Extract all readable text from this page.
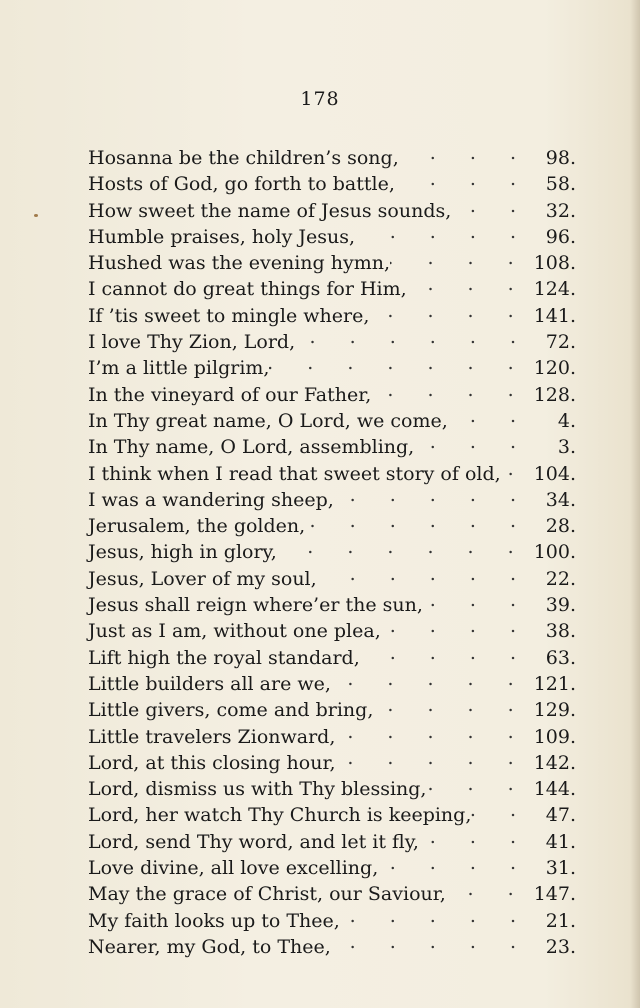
178
Hosanna be the children’s song, . . .	98.
Hosts of God, go forth to battle, . . .	58.
How sweet the name of Jesus sounds, . . .	32.
Humble praises, holy Jesus, . . .	96.
Hushed was the evening hymn, . . .	108.
I cannot do great things for Him, . . .	124.
If ’tis sweet to mingle where, . . .	141.
I love Thy Zion, Lord, . . .	72.
I’m a little pilgrim, . . .	120.
In the vineyard of our Father, . . .	128.
In Thy great name, O Lord, we come, . . .	4.
In Thy name, O Lord, assembling, . . .	3.
I think when I read that sweet story of old, . . . 104.
I was a wandering sheep, . . .	34.
Jerusalem, the golden, . . .	28.
Jesus, high in glory, . . .	100.
Jesus, Lover of my soul, . . .	22.
Jesus shall reign where’er the sun, . . .	39.
Just as I am, without one plea, . . .	38.
Lift high the royal standard, . . .	63.
Little builders all are we, . . .	121.
Little givers, come and bring, . . .	129.
Little travelers Zionward, . . .	109.
Lord, at this closing hour, . . .	142.
Lord, dismiss us with Thy blessing, . . .	144.
Lord, her watch Thy Church is keeping, . . .	47.
Lord, send Thy word, and let it fly, . . .	41.
Love divine, all love excelling, . . .	31.
May the grace of Christ, our Saviour, . . .	147.
My faith looks up to Thee, . . .	21.
Nearer, my God, to Thee, . . .	23.
